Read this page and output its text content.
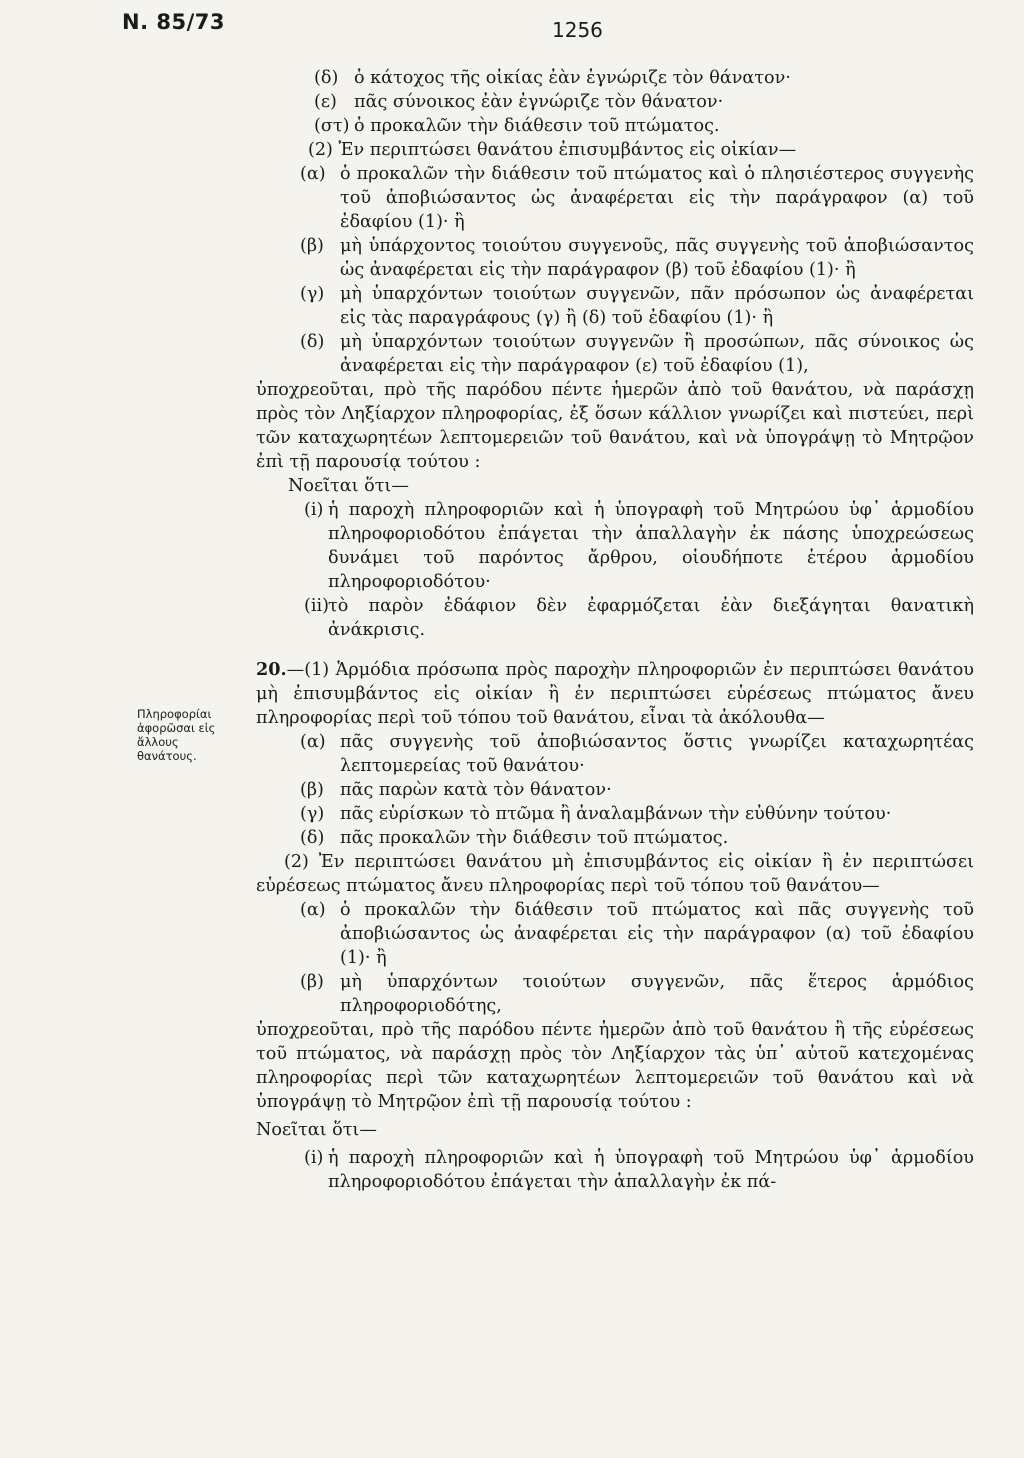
N. 85/73	1256
Πληροφορίαι
ἀφορῶσαι εἰς
ἄλλους
θανάτους.
(δ) ὁ κάτοχος τῆς οἰκίας ἐὰν ἐγνώριζε τὸν θάνατον·
(ε) πᾶς σύνοικος ἐὰν ἐγνώριζε τὸν θάνατον·
(στ) ὁ προκαλῶν τὴν διάθεσιν τοῦ πτώματος.

(2) Ἐν περιπτώσει θανάτου ἐπισυμβάντος εἰς οἰκίαν—

(α) ὁ προκαλῶν τὴν διάθεσιν τοῦ πτώματος καὶ ὁ πλησιέστερος συγγενὴς τοῦ ἀποβιώσαντος ὡς ἀναφέρεται εἰς τὴν παράγραφον (α) τοῦ ἐδαφίου (1)· ἢ
(β) μὴ ὑπάρχοντος τοιούτου συγγενοῦς, πᾶς συγγενὴς τοῦ ἀποβιώσαντος ὡς ἀναφέρεται εἰς τὴν παράγραφον (β) τοῦ ἐδαφίου (1)· ἢ
(γ) μὴ ὑπαρχόντων τοιούτων συγγενῶν, πᾶν πρόσωπον ὡς ἀναφέρεται εἰς τὰς παραγράφους (γ) ἢ (δ) τοῦ ἐδαφίου (1)· ἢ
(δ) μὴ ὑπαρχόντων τοιούτων συγγενῶν ἢ προσώπων, πᾶς σύνοικος ὡς ἀναφέρεται εἰς τὴν παράγραφον (ε) τοῦ ἐδαφίου (1),

ὑποχρεοῦται, πρὸ τῆς παρόδου πέντε ἡμερῶν ἀπὸ τοῦ θανάτου, νὰ παράσχῃ πρὸς τὸν Ληξίαρχον πληροφορίας, ἐξ ὅσων κάλλιον γνωρίζει καὶ πιστεύει, περὶ τῶν καταχωρητέων λεπτομερειῶν τοῦ θανάτου, καὶ νὰ ὑπογράψῃ τὸ Μητρῷον ἐπὶ τῇ παρουσίᾳ τούτου :

Νοεῖται ὅτι—

(i) ἡ παροχὴ πληροφοριῶν καὶ ἡ ὑπογραφὴ τοῦ Μητρώου ὑφ᾽ ἁρμοδίου πληροφοριοδότου ἐπάγεται τὴν ἀπαλλαγὴν ἐκ πάσης ὑποχρεώσεως δυνάμει τοῦ παρόντος ἄρθρου, οἱουδήποτε ἑτέρου ἁρμοδίου πληροφοριοδότου·
(ii) τὸ παρὸν ἐδάφιον δὲν ἐφαρμόζεται ἐὰν διεξάγηται θανατικὴ ἀνάκρισις.

20.—(1) Ἁρμόδια πρόσωπα πρὸς παροχὴν πληροφοριῶν ἐν περιπτώσει θανάτου μὴ ἐπισυμβάντος εἰς οἰκίαν ἢ ἐν περιπτώσει εὑρέσεως πτώματος ἄνευ πληροφορίας περὶ τοῦ τόπου τοῦ θανάτου, εἶναι τὰ ἀκόλουθα—

(α) πᾶς συγγενὴς τοῦ ἀποβιώσαντος ὅστις γνωρίζει καταχωρητέας λεπτομερείας τοῦ θανάτου·
(β) πᾶς παρὼν κατὰ τὸν θάνατον·
(γ) πᾶς εὑρίσκων τὸ πτῶμα ἢ ἀναλαμβάνων τὴν εὐθύνην τούτου·
(δ) πᾶς προκαλῶν τὴν διάθεσιν τοῦ πτώματος.

(2) Ἐν περιπτώσει θανάτου μὴ ἐπισυμβάντος εἰς οἰκίαν ἢ ἐν περιπτώσει εὑρέσεως πτώματος ἄνευ πληροφορίας περὶ τοῦ τόπου τοῦ θανάτου—

(α) ὁ προκαλῶν τὴν διάθεσιν τοῦ πτώματος καὶ πᾶς συγγενὴς τοῦ ἀποβιώσαντος ὡς ἀναφέρεται εἰς τὴν παράγραφον (α) τοῦ ἐδαφίου (1)· ἢ
(β) μὴ ὑπαρχόντων τοιούτων συγγενῶν, πᾶς ἕτερος ἁρμόδιος πληροφοριοδότης,

ὑποχρεοῦται, πρὸ τῆς παρόδου πέντε ἡμερῶν ἀπὸ τοῦ θανάτου ἢ τῆς εὑρέσεως τοῦ πτώματος, νὰ παράσχῃ πρὸς τὸν Ληξίαρχον τὰς ὑπ᾽ αὐτοῦ κατεχομένας πληροφορίας περὶ τῶν καταχωρητέων λεπτομερειῶν τοῦ θανάτου καὶ νὰ ὑπογράψῃ τὸ Μητρῷον ἐπὶ τῇ παρουσίᾳ τούτου :

Νοεῖται ὅτι—

(i) ἡ παροχὴ πληροφοριῶν καὶ ἡ ὑπογραφὴ τοῦ Μητρώου ὑφ᾽ ἁρμοδίου πληροφοριοδότου ἐπάγεται τὴν ἀπαλλαγὴν ἐκ πά-
